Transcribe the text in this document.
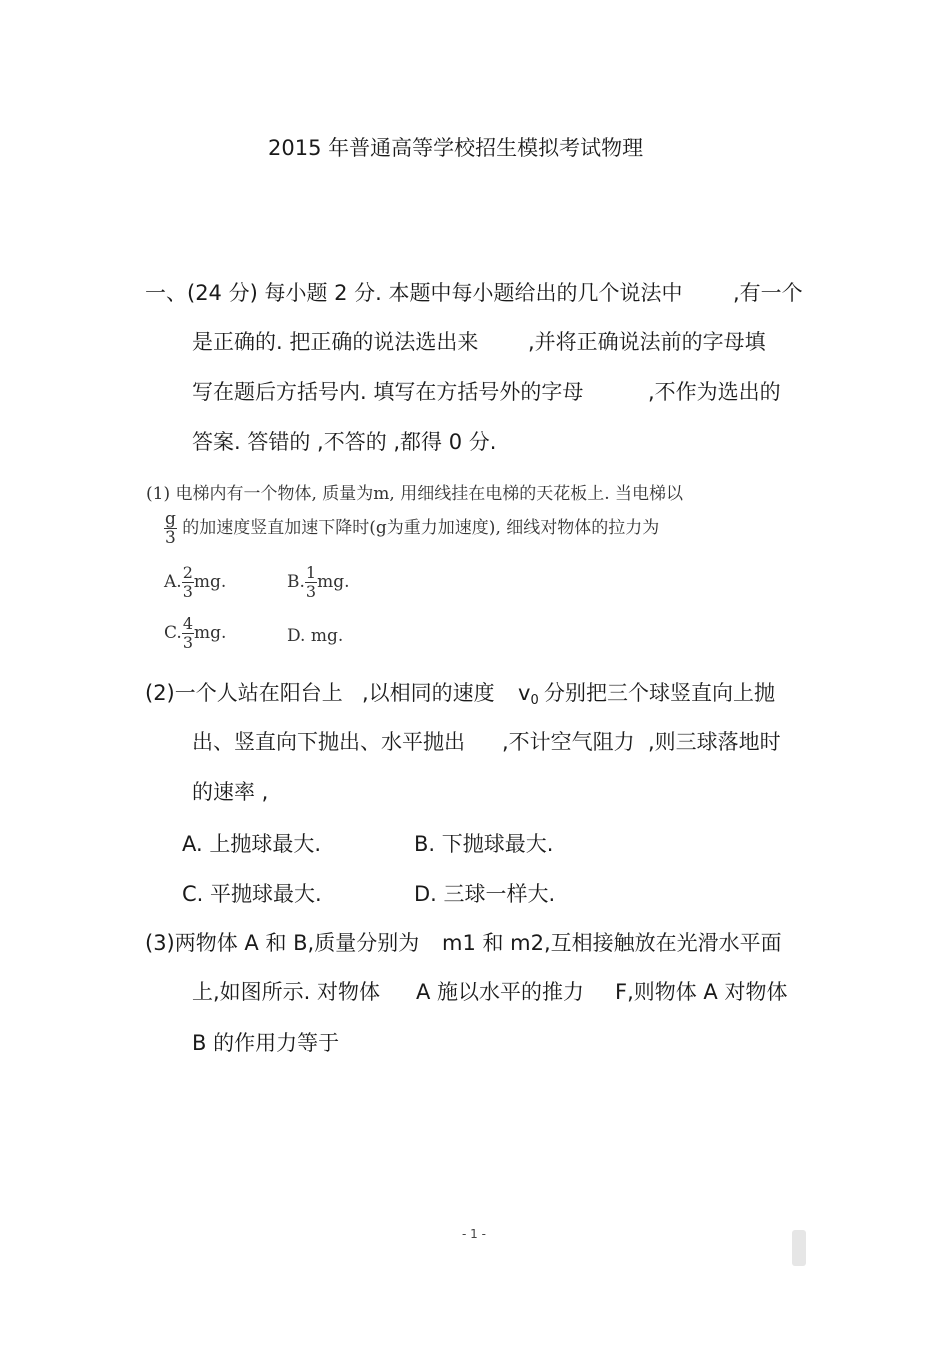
2015 年普通高等学校招生模拟考试物理
一、(24 分) 每小题 2 分. 本题中每小题给出的几个说法中 ,有一个
是正确的. 把正确的说法选出来 ,并将正确说法前的字母填
写在题后方括号内. 填写在方括号外的字母	,不作为选出的
答案. 答错的 ,不答的 ,都得 0 分.
(1) 电梯内有一个物体, 质量为m, 用细线挂在电梯的天花板上. 当电梯以
$\frac{g}{3}$ 的加速度竖直加速下降时(g为重力加速度), 细线对物体的拉力为
A. $\frac{2}{3}$ mg.	B. $\frac{1}{3}$ mg.
C. $\frac{4}{3}$ mg.	D. mg.
(2)一个人站在阳台上 ,以相同的速度 $v_0$ 分别把三个球竖直向上抛
出、竖直向下抛出、水平抛出 ,不计空气阻力 ,则三球落地时
的速率 ,
A. 上抛球最大.	B. 下抛球最大.
C. 平抛球最大.	D. 三球一样大.
(3)两物体 A 和 B,质量分别为 m1 和 m2,互相接触放在光滑水平面
上,如图所示. 对物体 A 施以水平的推力 F,则物体 A 对物体
B 的作用力等于
- 1 -
